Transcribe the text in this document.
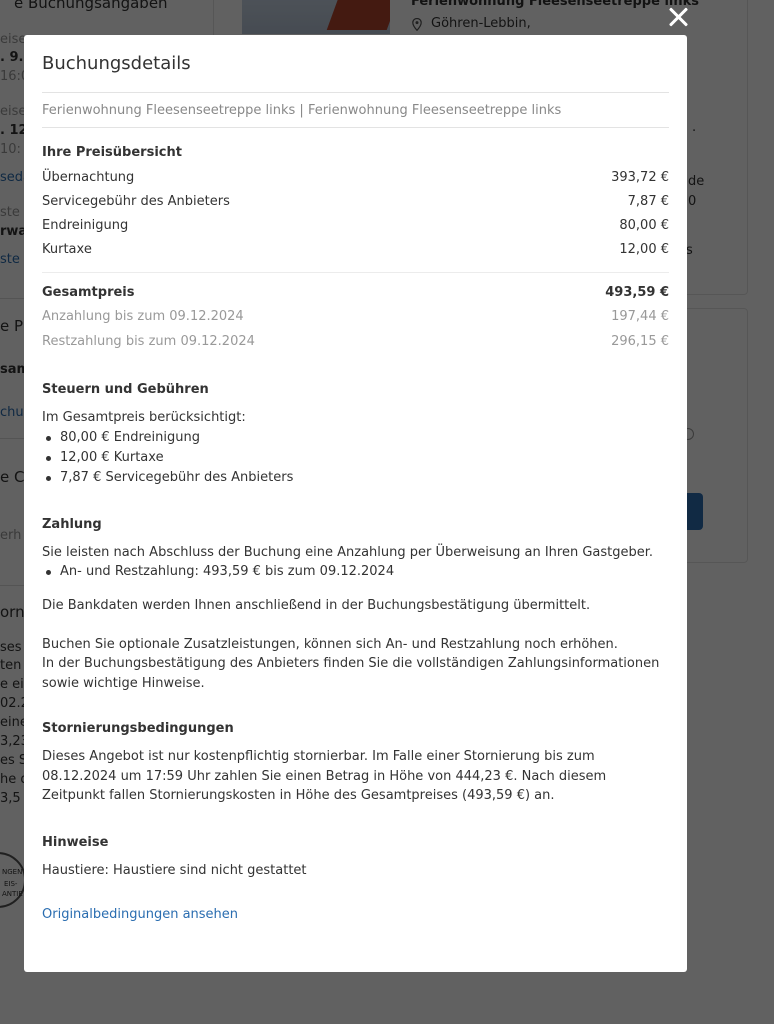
Buchungsdetails
Ferienwohnung Fleesenseetreppe links | Ferienwohnung Fleesenseetreppe links
Ihre Preisübersicht
Übernachtung	393,72 €
Servicegebühr des Anbieters	7,87 €
Endreinigung	80,00 €
Kurtaxe	12,00 €
Gesamtpreis	493,59 €
Anzahlung bis zum 09.12.2024	197,44 €
Restzahlung bis zum 09.12.2024	296,15 €
Steuern und Gebühren
Im Gesamtpreis berücksichtigt:
80,00 € Endreinigung
12,00 € Kurtaxe
7,87 € Servicegebühr des Anbieters
Zahlung
Sie leisten nach Abschluss der Buchung eine Anzahlung per Überweisung an Ihren Gastgeber.
An- und Restzahlung: 493,59 € bis zum 09.12.2024
Die Bankdaten werden Ihnen anschließend in der Buchungsbestätigung übermittelt.
Buchen Sie optionale Zusatzleistungen, können sich An- und Restzahlung noch erhöhen.
In der Buchungsbestätigung des Anbieters finden Sie die vollständigen Zahlungsinformationen
sowie wichtige Hinweise.
Stornierungsbedingungen
Dieses Angebot ist nur kostenpflichtig stornierbar. Im Falle einer Stornierung bis zum
08.12.2024 um 17:59 Uhr zahlen Sie einen Betrag in Höhe von 444,23 €. Nach diesem
Zeitpunkt fallen Stornierungskosten in Höhe des Gesamtpreises (493,59 €) an.
Hinweise
Haustiere: Haustiere sind nicht gestattet
Originalbedingungen ansehen
